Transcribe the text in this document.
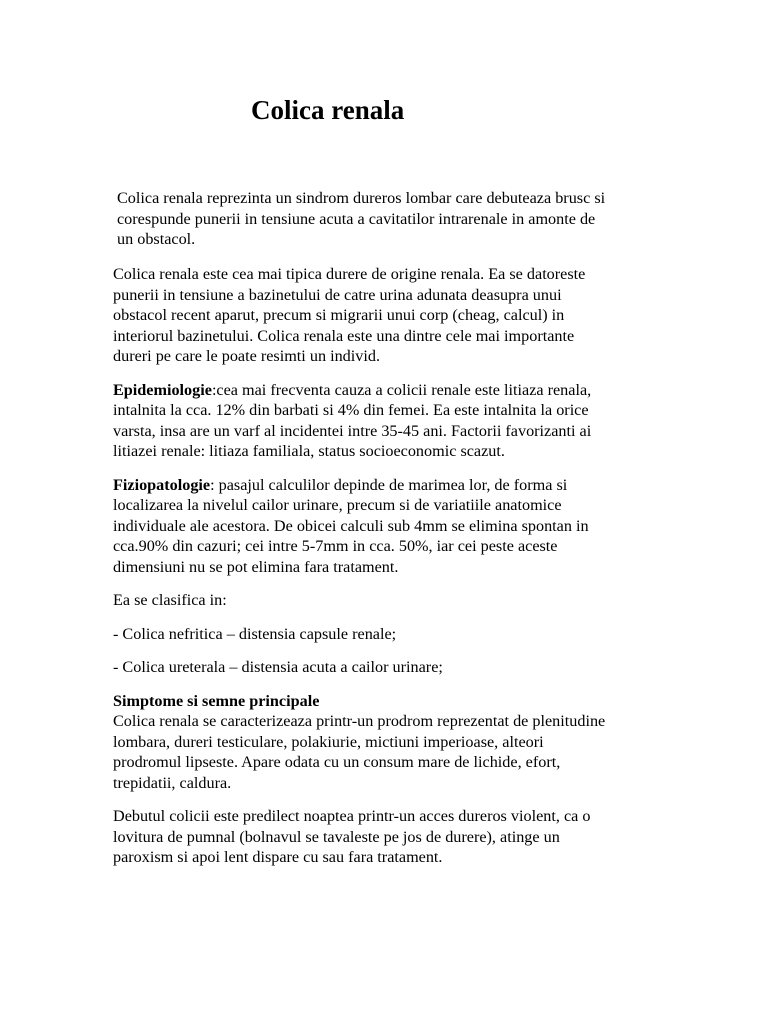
Colica renala

Colica renala reprezinta un sindrom dureros lombar care debuteaza brusc si
corespunde punerii in tensiune acuta a cavitatilor intrarenale in amonte de
un obstacol.

Colica renala este cea mai tipica durere de origine renala. Ea se datoreste
punerii in tensiune a bazinetului de catre urina adunata deasupra unui
obstacol recent aparut, precum si migrarii unui corp (cheag, calcul) in
interiorul bazinetului. Colica renala este una dintre cele mai importante
dureri pe care le poate resimti un individ.

Epidemiologie:cea mai frecventa cauza a colicii renale este litiaza renala,
intalnita la cca. 12% din barbati si 4% din femei. Ea este intalnita la orice
varsta, insa are un varf al incidentei intre 35-45 ani. Factorii favorizanti ai
litiazei renale: litiaza familiala, status socioeconomic scazut.

Fiziopatologie: pasajul calculilor depinde de marimea lor, de forma si
localizarea la nivelul cailor urinare, precum si de variatiile anatomice
individuale ale acestora. De obicei calculi sub 4mm se elimina spontan in
cca.90% din cazuri; cei intre 5-7mm in cca. 50%, iar cei peste aceste
dimensiuni nu se pot elimina fara tratament.

Ea se clasifica in:

- Colica nefritica – distensia capsule renale;

- Colica ureterala – distensia acuta a cailor urinare;

Simptome si semne principale
Colica renala se caracterizeaza printr-un prodrom reprezentat de plenitudine
lombara, dureri testiculare, polakiurie, mictiuni imperioase, alteori
prodromul lipseste. Apare odata cu un consum mare de lichide, efort,
trepidatii, caldura.

Debutul colicii este predilect noaptea printr-un acces dureros violent, ca o
lovitura de pumnal (bolnavul se tavaleste pe jos de durere), atinge un
paroxism si apoi lent dispare cu sau fara tratament.
